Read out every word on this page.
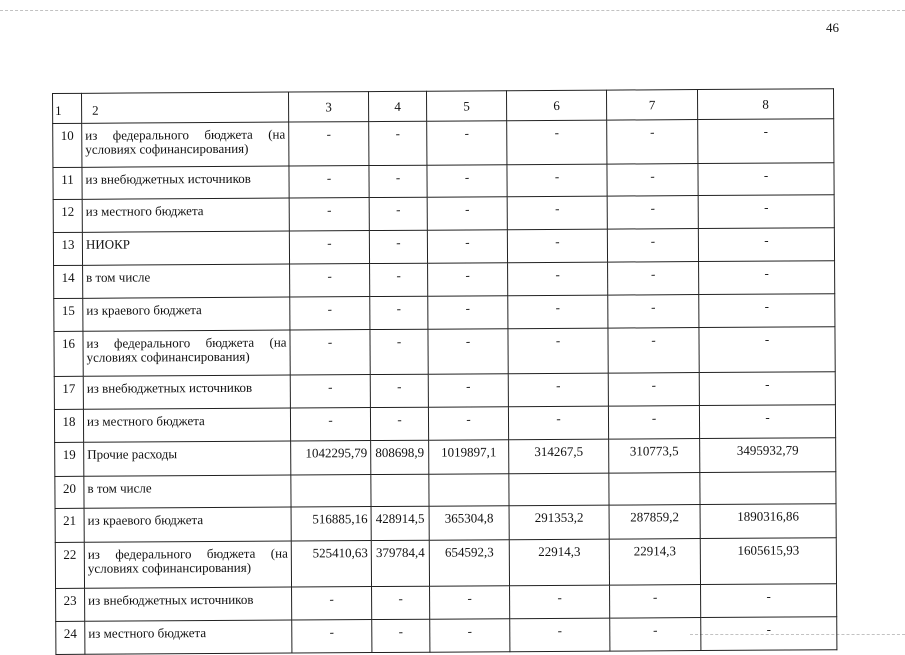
46
1	2	3	4	5	6	7	8
10	из федерального бюджета (на условиях софинансирования)	-	-	-	-	-	-
11	из внебюджетных источников	-	-	-	-	-	-
12	из местного бюджета	-	-	-	-	-	-
13	НИОКР	-	-	-	-	-	-
14	в том числе	-	-	-	-	-	-
15	из краевого бюджета	-	-	-	-	-	-
16	из федерального бюджета (на условиях софинансирования)	-	-	-	-	-	-
17	из внебюджетных источников	-	-	-	-	-	-
18	из местного бюджета	-	-	-	-	-	-
19	Прочие расходы	1042295,79	808698,9	1019897,1	314267,5	310773,5	3495932,79
20	в том числе						
21	из краевого бюджета	516885,16	428914,5	365304,8	291353,2	287859,2	1890316,86
22	из федерального бюджета (на условиях софинансирования)	525410,63	379784,4	654592,3	22914,3	22914,3	1605615,93
23	из внебюджетных источников	-	-	-	-	-	-
24	из местного бюджета	-	-	-	-	-	-
